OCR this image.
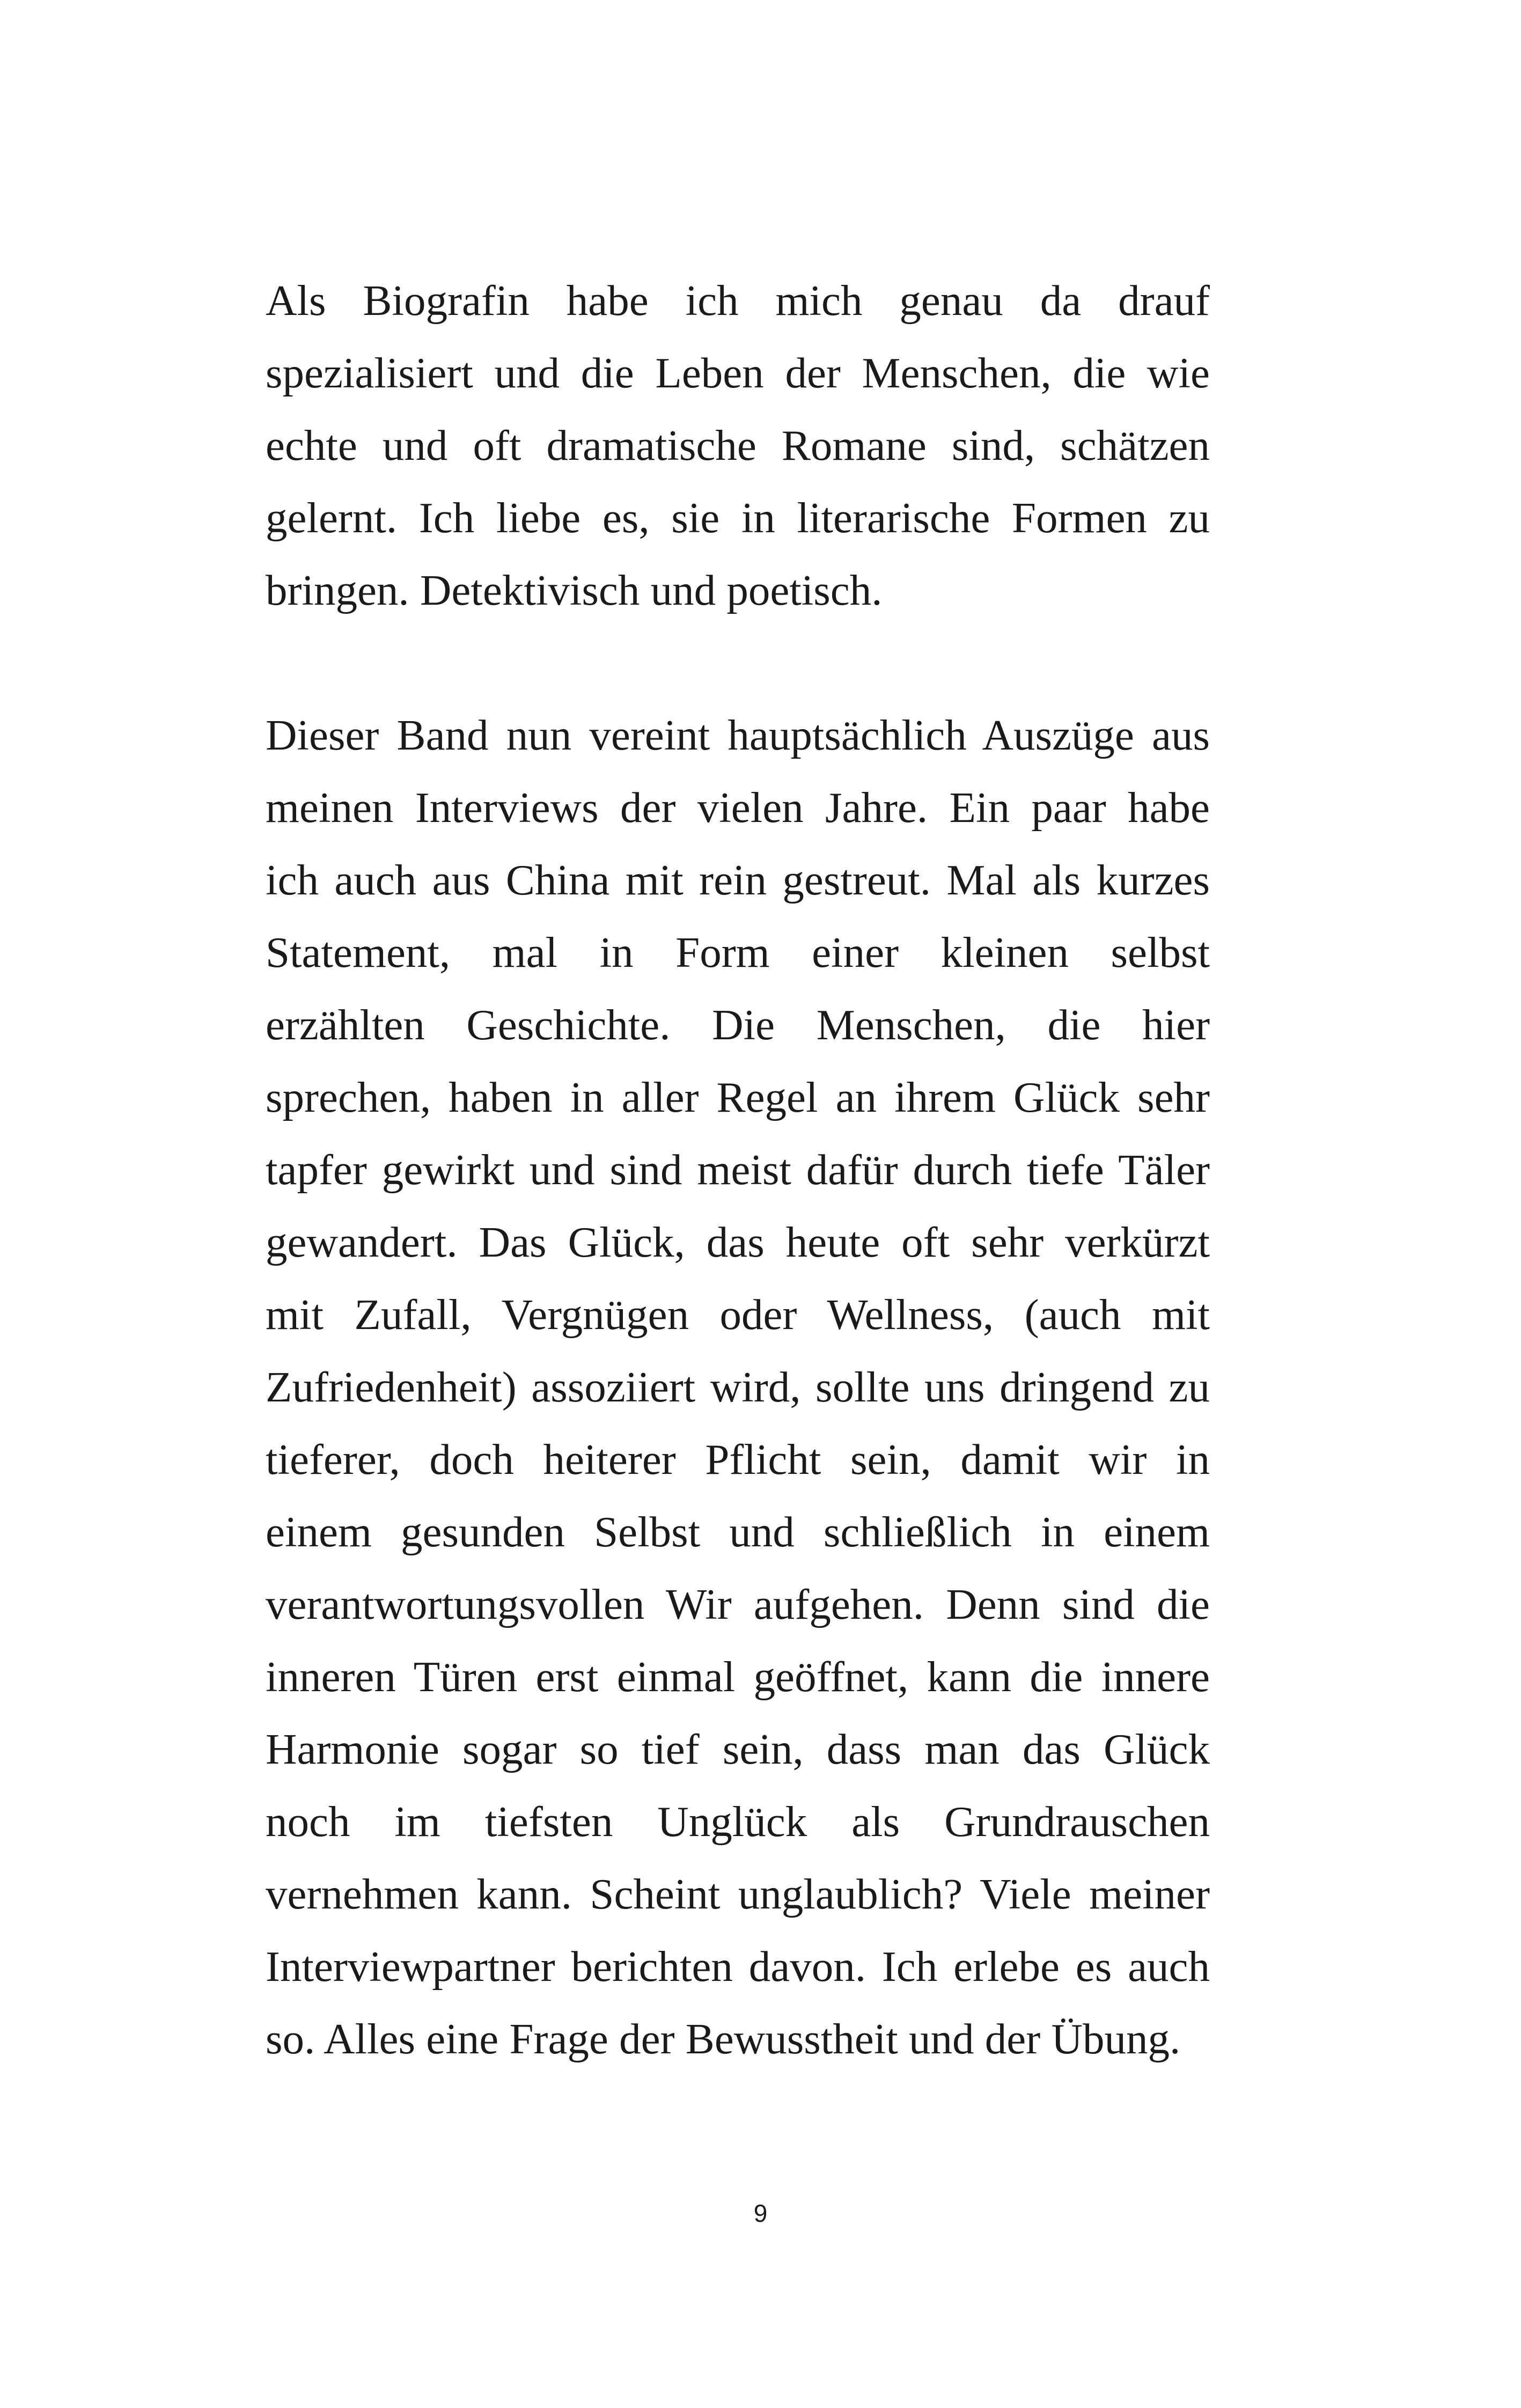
Als Biografin habe ich mich genau da drauf
spezialisiert und die Leben der Menschen, die wie
echte und oft dramatische Romane sind, schätzen
gelernt. Ich liebe es, sie in literarische Formen zu
bringen. Detektivisch und poetisch.
Dieser Band nun vereint hauptsächlich Auszüge aus
meinen Interviews der vielen Jahre. Ein paar habe
ich auch aus China mit rein gestreut. Mal als kurzes
Statement, mal in Form einer kleinen selbst
erzählten Geschichte. Die Menschen, die hier
sprechen, haben in aller Regel an ihrem Glück sehr
tapfer gewirkt und sind meist dafür durch tiefe Täler
gewandert. Das Glück, das heute oft sehr verkürzt
mit Zufall, Vergnügen oder Wellness, (auch mit
Zufriedenheit) assoziiert wird, sollte uns dringend zu
tieferer, doch heiterer Pflicht sein, damit wir in
einem gesunden Selbst und schließlich in einem
verantwortungsvollen Wir aufgehen. Denn sind die
inneren Türen erst einmal geöffnet, kann die innere
Harmonie sogar so tief sein, dass man das Glück
noch im tiefsten Unglück als Grundrauschen
vernehmen kann. Scheint unglaublich? Viele meiner
Interviewpartner berichten davon. Ich erlebe es auch
so. Alles eine Frage der Bewusstheit und der Übung.
9
